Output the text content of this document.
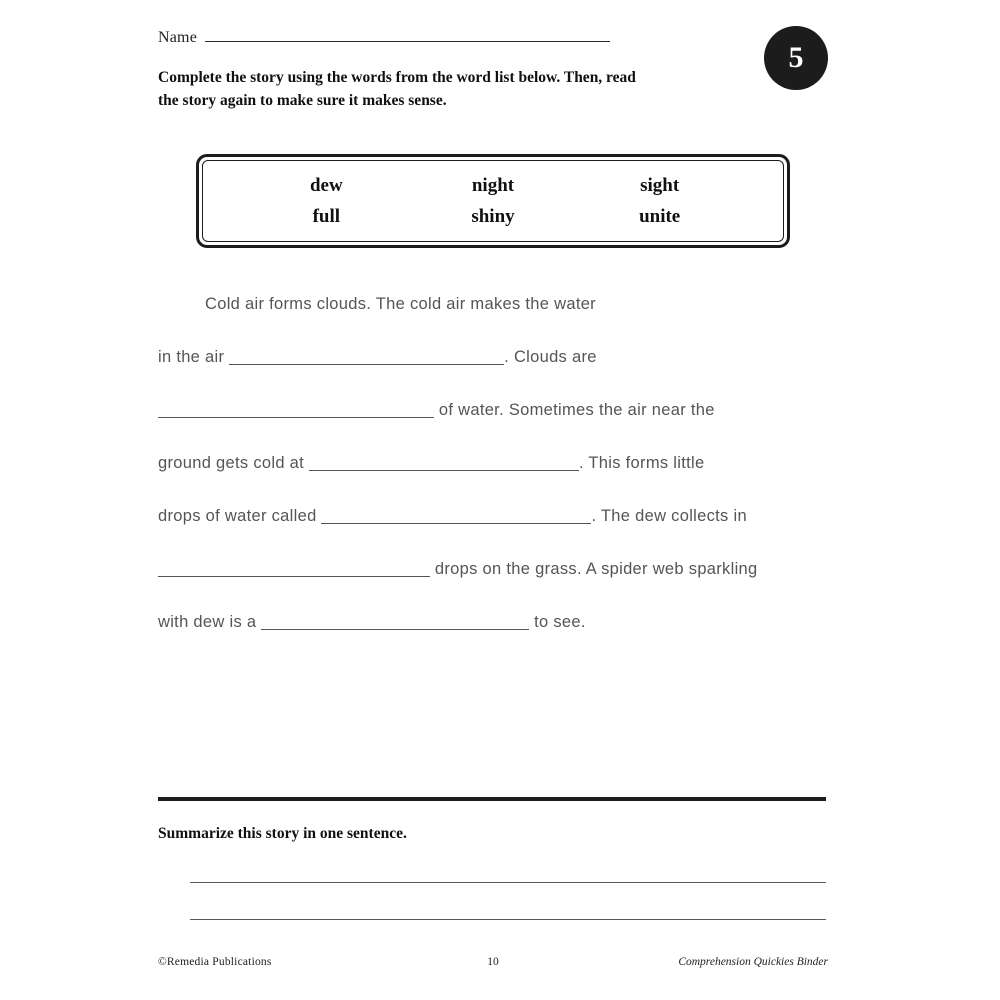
Name
5
Complete the story using the words from the word list below. Then, read
the story again to make sure it makes sense.
dew	night	sight
full	shiny	unite
Cold air forms clouds. The cold air makes the water
in the air	. Clouds are
of water. Sometimes the air near the
ground gets cold at	. This forms little
drops of water called	. The dew collects in
drops on the grass. A spider web sparkling
with dew is a	to see.
Summarize this story in one sentence.
©Remedia Publications	10	Comprehension Quickies Binder
